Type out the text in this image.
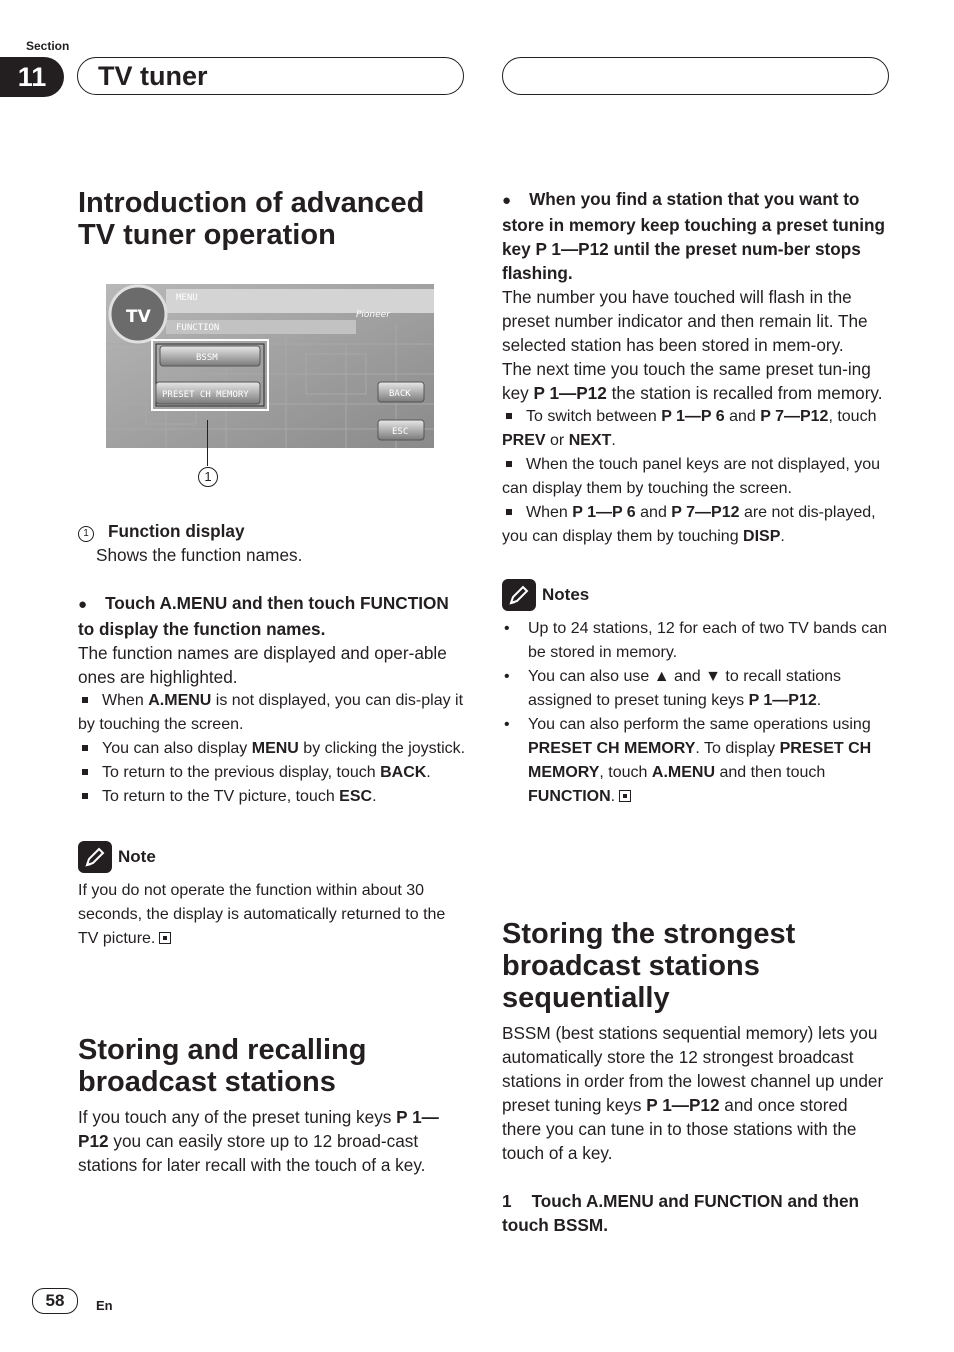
Section
11	TV tuner
Introduction of advanced TV tuner operation
MENU
FUNCTION
Pioneer
TV
BSSM
PRESET CH MEMORY	BACK
ESC
1

1 Function display

Shows the function names.

● Touch A.MENU and then touch FUNCTION to display the function names.

The function names are displayed and oper-able ones are highlighted.

When A.MENU is not displayed, you can dis-play it by touching the screen.

You can also display MENU by clicking the joystick.

To return to the previous display, touch BACK.

To return to the TV picture, touch ESC.

Note

If you do not operate the function within about 30 seconds, the display is automatically returned to the TV picture.

Storing and recalling broadcast stations

If you touch any of the preset tuning keys P 1—P12 you can easily store up to 12 broad-cast stations for later recall with the touch of a key.

● When you find a station that you want to store in memory keep touching a preset tuning key P 1—P12 until the preset num-ber stops flashing.

The number you have touched will flash in the preset number indicator and then remain lit. The selected station has been stored in mem-ory.

The next time you touch the same preset tun-ing key P 1—P12 the station is recalled from memory.

To switch between P 1—P 6 and P 7—P12, touch PREV or NEXT.

When the touch panel keys are not displayed, you can display them by touching the screen.

When P 1—P 6 and P 7—P12 are not dis-played, you can display them by touching DISP.

Notes
• Up to 24 stations, 12 for each of two TV bands can be stored in memory.
• You can also use ▲ and ▼ to recall stations assigned to preset tuning keys P 1—P12.
• You can also perform the same operations using PRESET CH MEMORY. To display PRESET CH MEMORY, touch A.MENU and then touch FUNCTION.
Storing the strongest broadcast stations sequentially

BSSM (best stations sequential memory) lets you automatically store the 12 strongest broadcast stations in order from the lowest channel up under preset tuning keys P 1—P12 and once stored there you can tune in to those stations with the touch of a key.

1 Touch A.MENU and FUNCTION and then touch BSSM.

58	En
